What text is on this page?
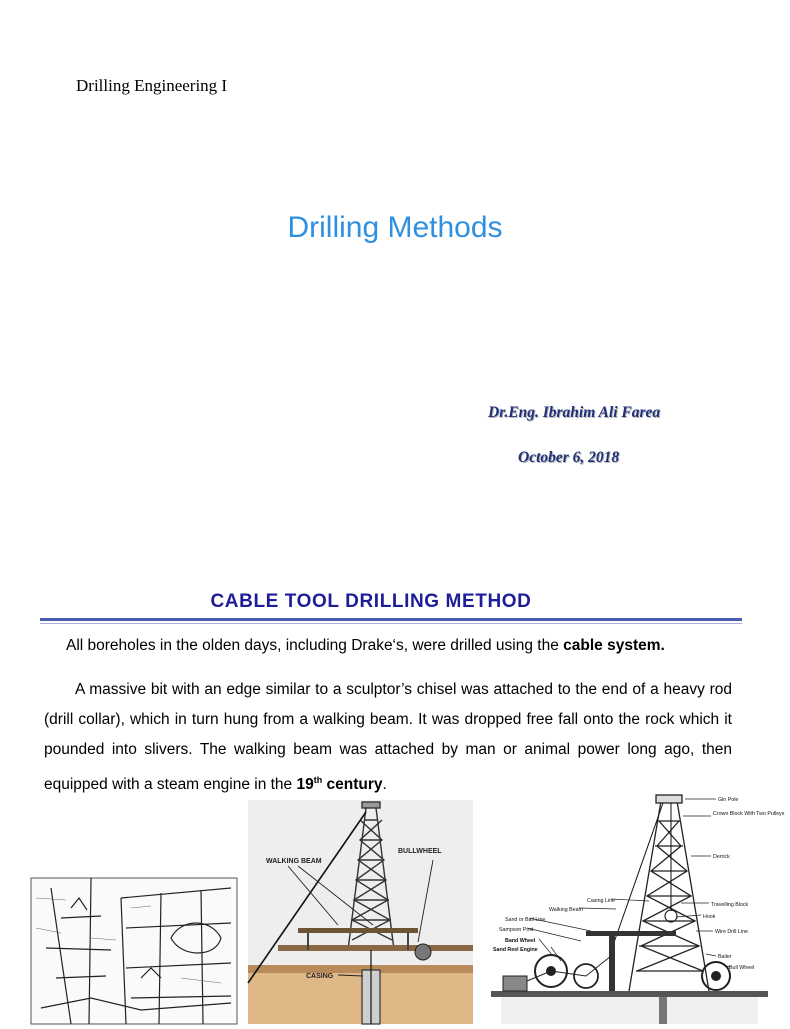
Drilling Engineering I
Drilling Methods
Dr.Eng. Ibrahim Ali Farea
October 6, 2018
CABLE TOOL DRILLING METHOD
All boreholes in the olden days, including Drake‘s, were drilled using the cable system.
A massive bit with an edge similar to a sculptor’s chisel was attached to the end of a heavy rod (drill collar), which in turn hung from a walking beam. It was dropped free fall onto the rock which it pounded into slivers. The walking beam was attached by man or animal power long ago, then equipped with a steam engine in the 19th century.
WALKING BEAM
BULLWHEEL
CASING
Gin Pole
Crown Block With Two Pulleys
Derrick
Casing Line
Walking Beam
Travelling Block
Sand or Bail Line	Hook
Sampson Post	Wire Drill Line
Band Wheel
Bailer
Sand Reel Engine
Bull Wheel
